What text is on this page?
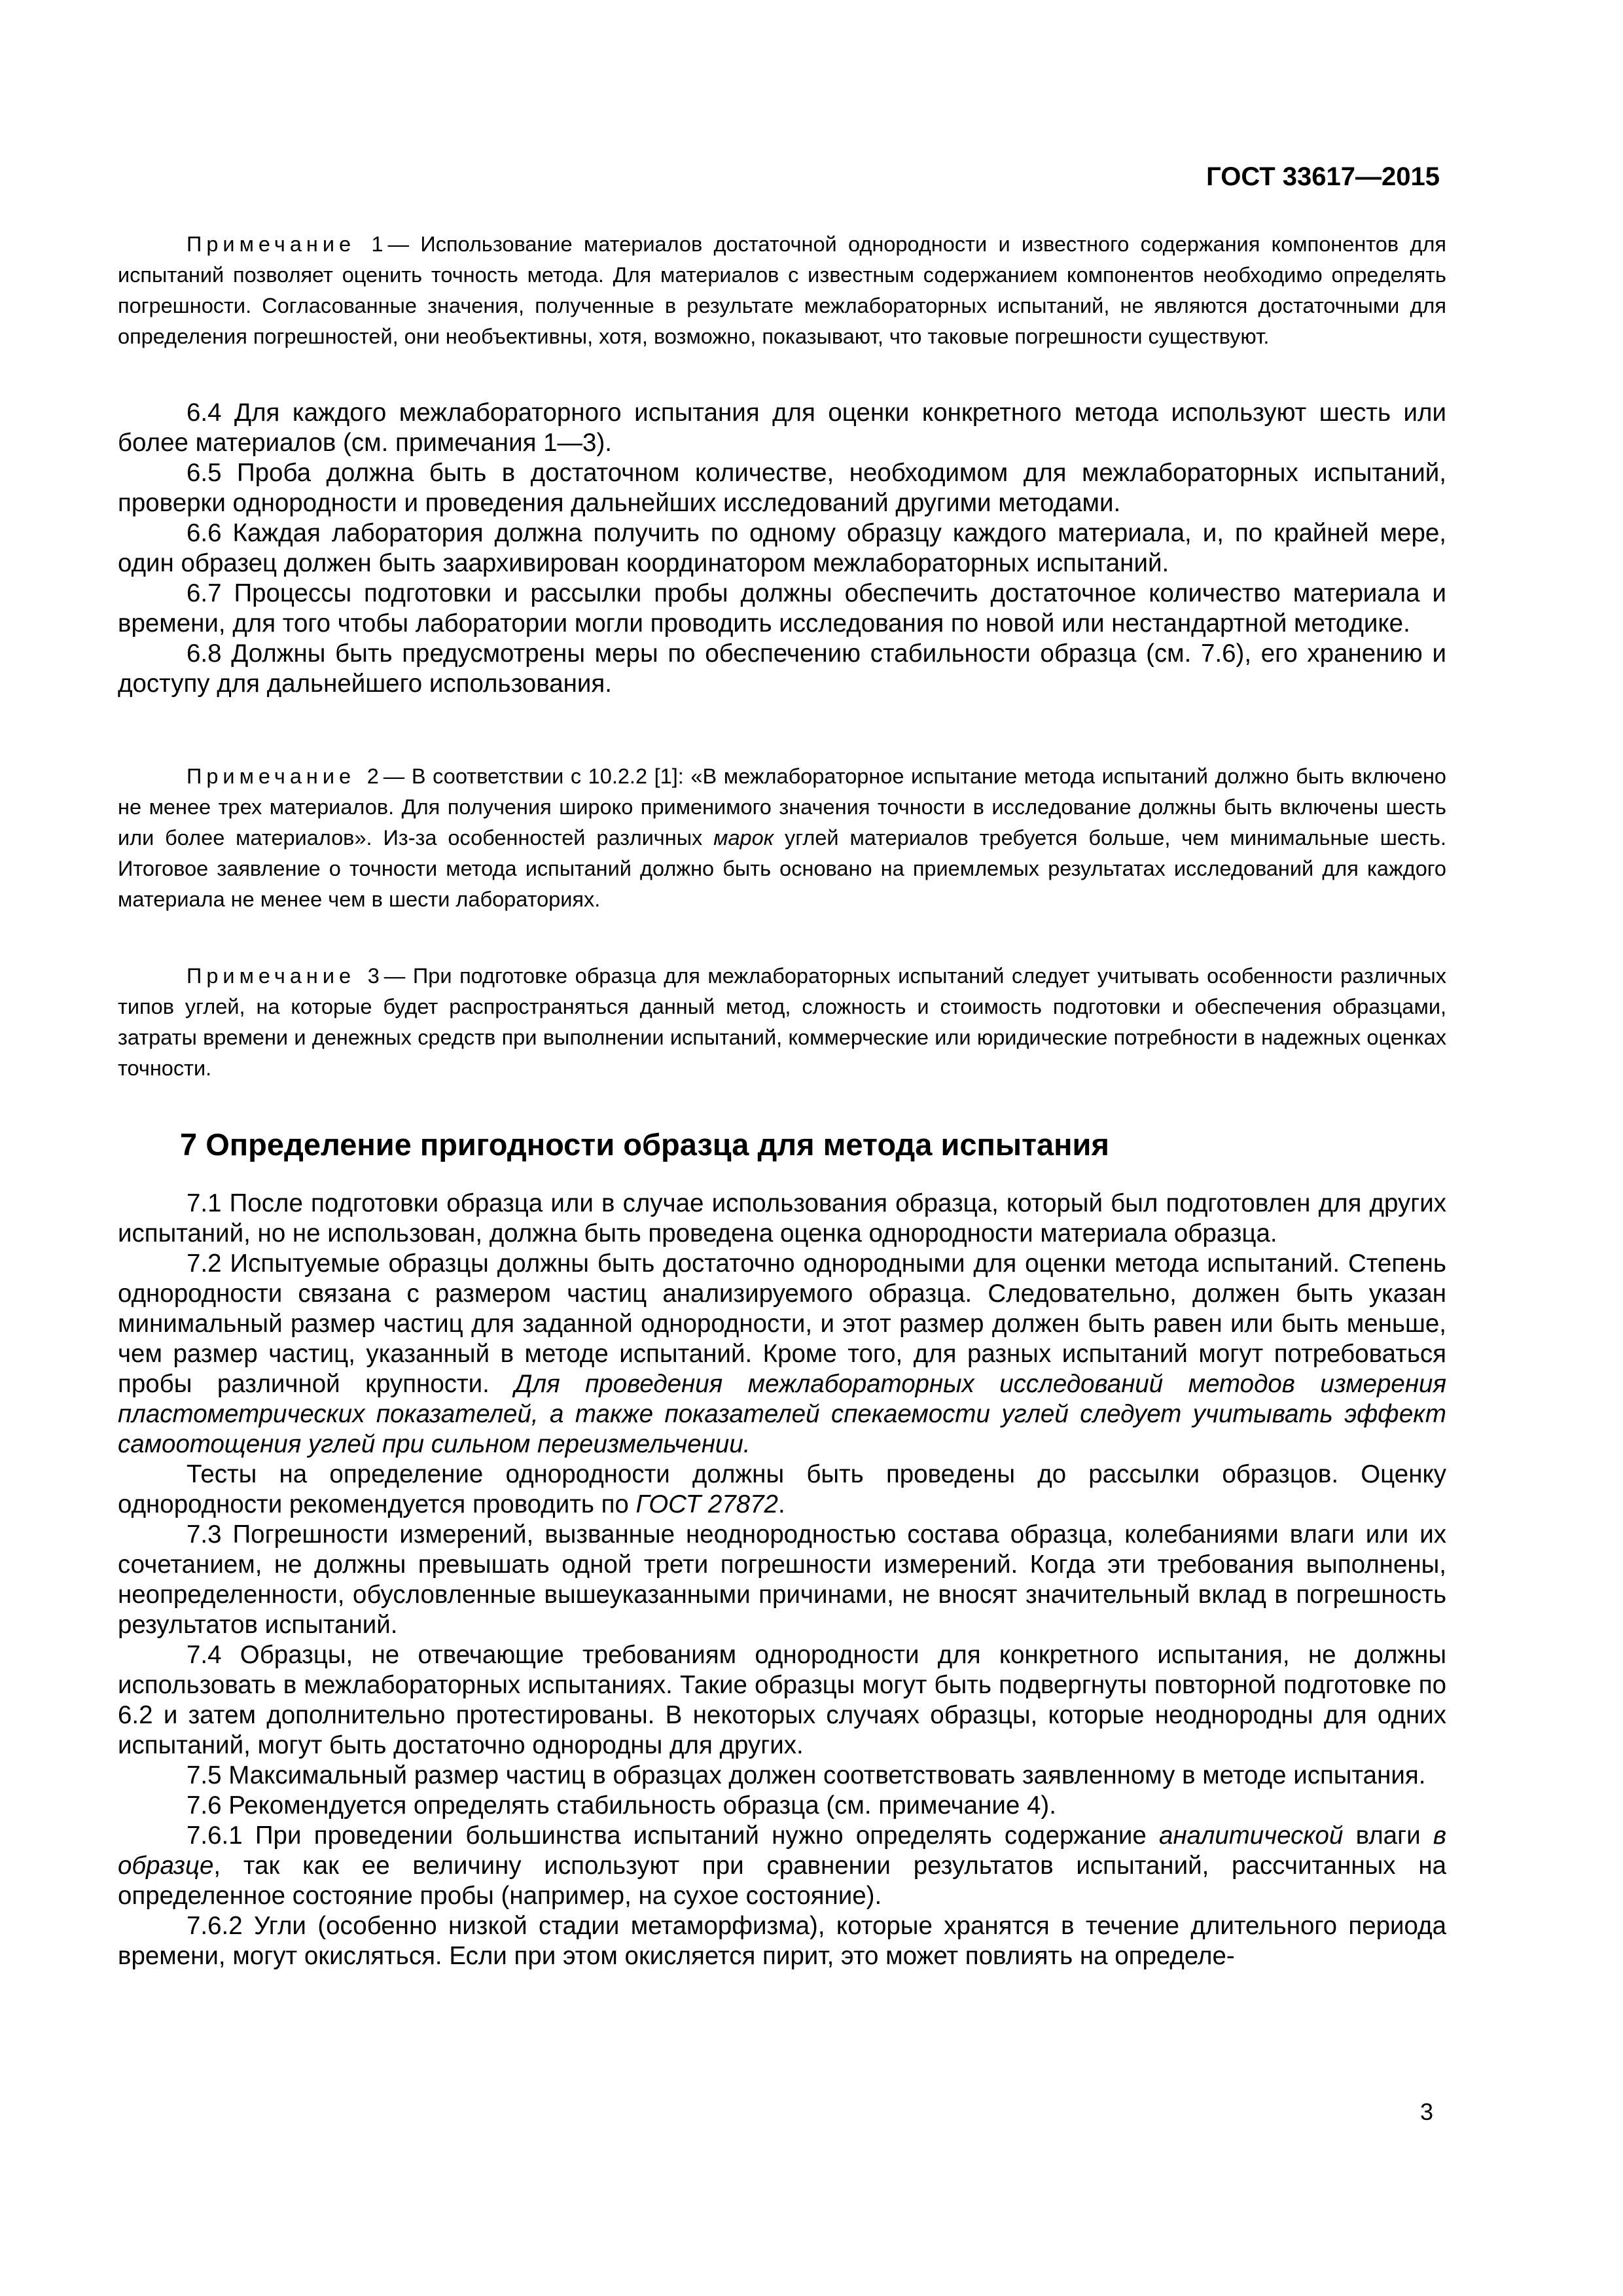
ГОСТ 33617—2015

Примечание 1— Использование материалов достаточной однородности и известного содержания компонентов для испытаний позволяет оценить точность метода. Для материалов с известным содержанием компонентов необходимо определять погрешности. Согласованные значения, полученные в результате межлабораторных испытаний, не являются достаточными для определения погрешностей, они необъективны, хотя, возможно, показывают, что таковые погрешности существуют.

6.4 Для каждого межлабораторного испытания для оценки конкретного метода используют шесть или более материалов (см. примечания 1—3).

6.5 Проба должна быть в достаточном количестве, необходимом для межлабораторных испытаний, проверки однородности и проведения дальнейших исследований другими методами.

6.6 Каждая лаборатория должна получить по одному образцу каждого материала, и, по крайней мере, один образец должен быть заархивирован координатором межлабораторных испытаний.

6.7 Процессы подготовки и рассылки пробы должны обеспечить достаточное количество материала и времени, для того чтобы лаборатории могли проводить исследования по новой или нестандартной методике.

6.8 Должны быть предусмотрены меры по обеспечению стабильности образца (см. 7.6), его хранению и доступу для дальнейшего использования.

Примечание 2— В соответствии с 10.2.2 [1]: «В межлабораторное испытание метода испытаний должно быть включено не менее трех материалов. Для получения широко применимого значения точности в исследование должны быть включены шесть или более материалов». Из-за особенностей различных марок углей материалов требуется больше, чем минимальные шесть. Итоговое заявление о точности метода испытаний должно быть основано на приемлемых результатах исследований для каждого материала не менее чем в шести лабораториях.

Примечание 3— При подготовке образца для межлабораторных испытаний следует учитывать особенности различных типов углей, на которые будет распространяться данный метод, сложность и стоимость подготовки и обеспечения образцами, затраты времени и денежных средств при выполнении испытаний, коммерческие или юридические потребности в надежных оценках точности.

7 Определение пригодности образца для метода испытания

7.1 После подготовки образца или в случае использования образца, который был подготовлен для других испытаний, но не использован, должна быть проведена оценка однородности материала образца.

7.2 Испытуемые образцы должны быть достаточно однородными для оценки метода испытаний. Степень однородности связана с размером частиц анализируемого образца. Следовательно, должен быть указан минимальный размер частиц для заданной однородности, и этот размер должен быть равен или быть меньше, чем размер частиц, указанный в методе испытаний. Кроме того, для разных испытаний могут потребоваться пробы различной крупности. Для проведения межлабораторных исследований методов измерения пластометрических показателей, а также показателей спекаемости углей следует учитывать эффект самоотощения углей при сильном переизмельчении.

Тесты на определение однородности должны быть проведены до рассылки образцов. Оценку однородности рекомендуется проводить по ГОСТ 27872.

7.3 Погрешности измерений, вызванные неоднородностью состава образца, колебаниями влаги или их сочетанием, не должны превышать одной трети погрешности измерений. Когда эти требования выполнены, неопределенности, обусловленные вышеуказанными причинами, не вносят значительный вклад в погрешность результатов испытаний.

7.4 Образцы, не отвечающие требованиям однородности для конкретного испытания, не должны использовать в межлабораторных испытаниях. Такие образцы могут быть подвергнуты повторной подготовке по 6.2 и затем дополнительно протестированы. В некоторых случаях образцы, которые неоднородны для одних испытаний, могут быть достаточно однородны для других.

7.5 Максимальный размер частиц в образцах должен соответствовать заявленному в методе испытания.

7.6 Рекомендуется определять стабильность образца (см. примечание 4).

7.6.1 При проведении большинства испытаний нужно определять содержание аналитической влаги в образце, так как ее величину используют при сравнении результатов испытаний, рассчитанных на определенное состояние пробы (например, на сухое состояние).

7.6.2 Угли (особенно низкой стадии метаморфизма), которые хранятся в течение длительного периода времени, могут окисляться. Если при этом окисляется пирит, это может повлиять на определе-

3
